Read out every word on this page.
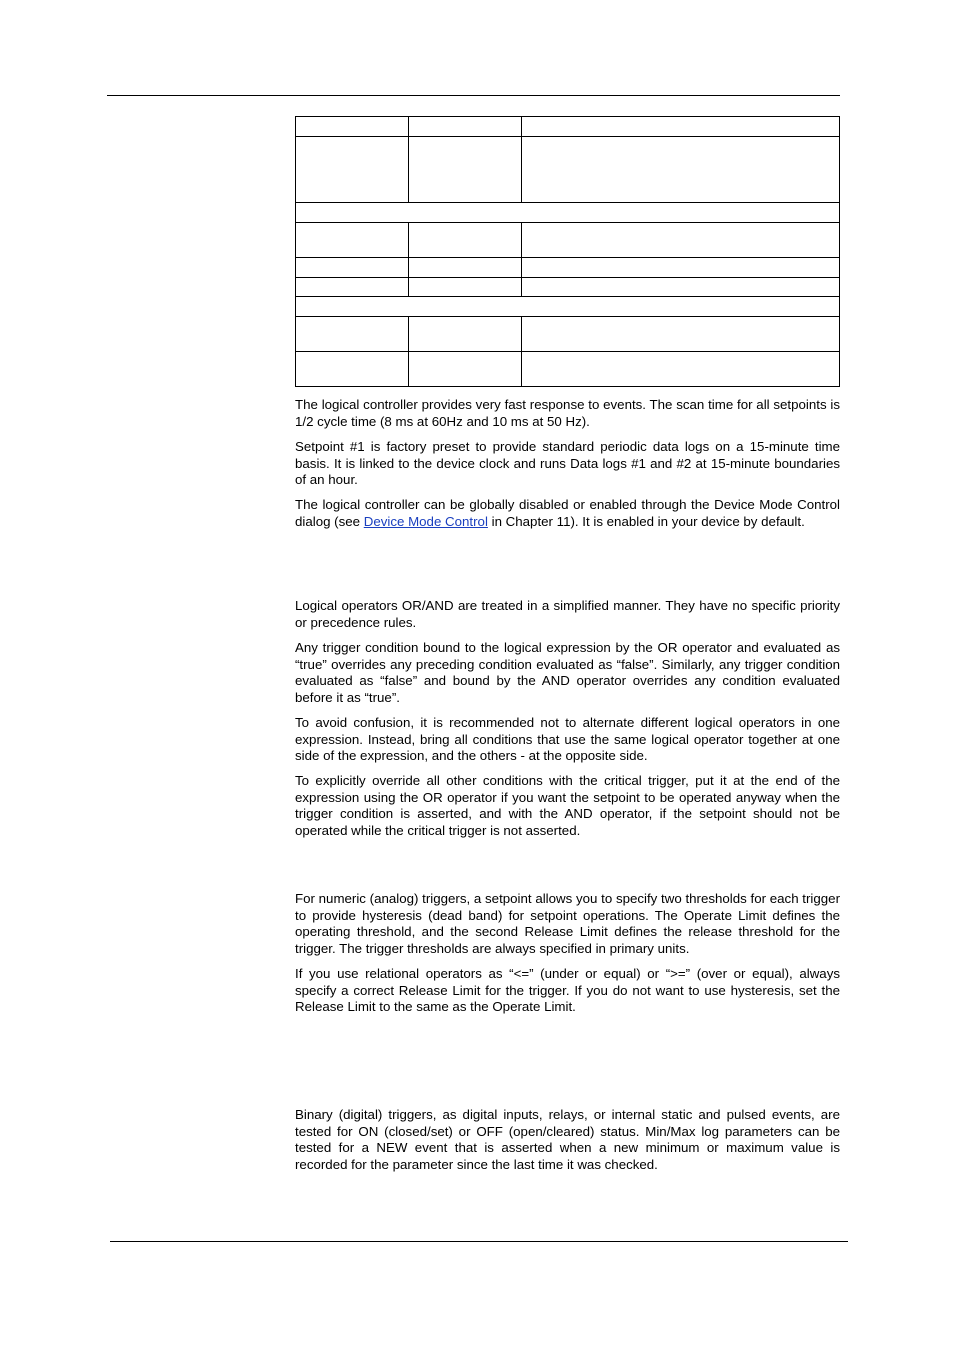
The logical controller provides very fast response to events. The scan time for all setpoints is 1/2 cycle time (8 ms at 60Hz and 10 ms at 50 Hz).

Setpoint #1 is factory preset to provide standard periodic data logs on a 15-minute time basis. It is linked to the device clock and runs Data logs #1 and #2 at 15-minute boundaries of an hour.

The logical controller can be globally disabled or enabled through the Device Mode Control dialog (see Device Mode Control in Chapter 11). It is enabled in your device by default.

Logical operators OR/AND are treated in a simplified manner. They have no specific priority or precedence rules.

Any trigger condition bound to the logical expression by the OR operator and evaluated as “true” overrides any preceding condition evaluated as “false”. Similarly, any trigger condition evaluated as “false” and bound by the AND operator overrides any condition evaluated before it as “true”.

To avoid confusion, it is recommended not to alternate different logical operators in one expression. Instead, bring all conditions that use the same logical operator together at one side of the expression, and the others - at the opposite side.

To explicitly override all other conditions with the critical trigger, put it at the end of the expression using the OR operator if you want the setpoint to be operated anyway when the trigger condition is asserted, and with the AND operator, if the setpoint should not be operated while the critical trigger is not asserted.

For numeric (analog) triggers, a setpoint allows you to specify two thresholds for each trigger to provide hysteresis (dead band) for setpoint operations. The Operate Limit defines the operating threshold, and the second Release Limit defines the release threshold for the trigger. The trigger thresholds are always specified in primary units.

If you use relational operators as “<=” (under or equal) or “>=” (over or equal), always specify a correct Release Limit for the trigger. If you do not want to use hysteresis, set the Release Limit to the same as the Operate Limit.

Binary (digital) triggers, as digital inputs, relays, or internal static and pulsed events, are tested for ON (closed/set) or OFF (open/cleared) status. Min/Max log parameters can be tested for a NEW event that is asserted when a new minimum or maximum value is recorded for the parameter since the last time it was checked.
